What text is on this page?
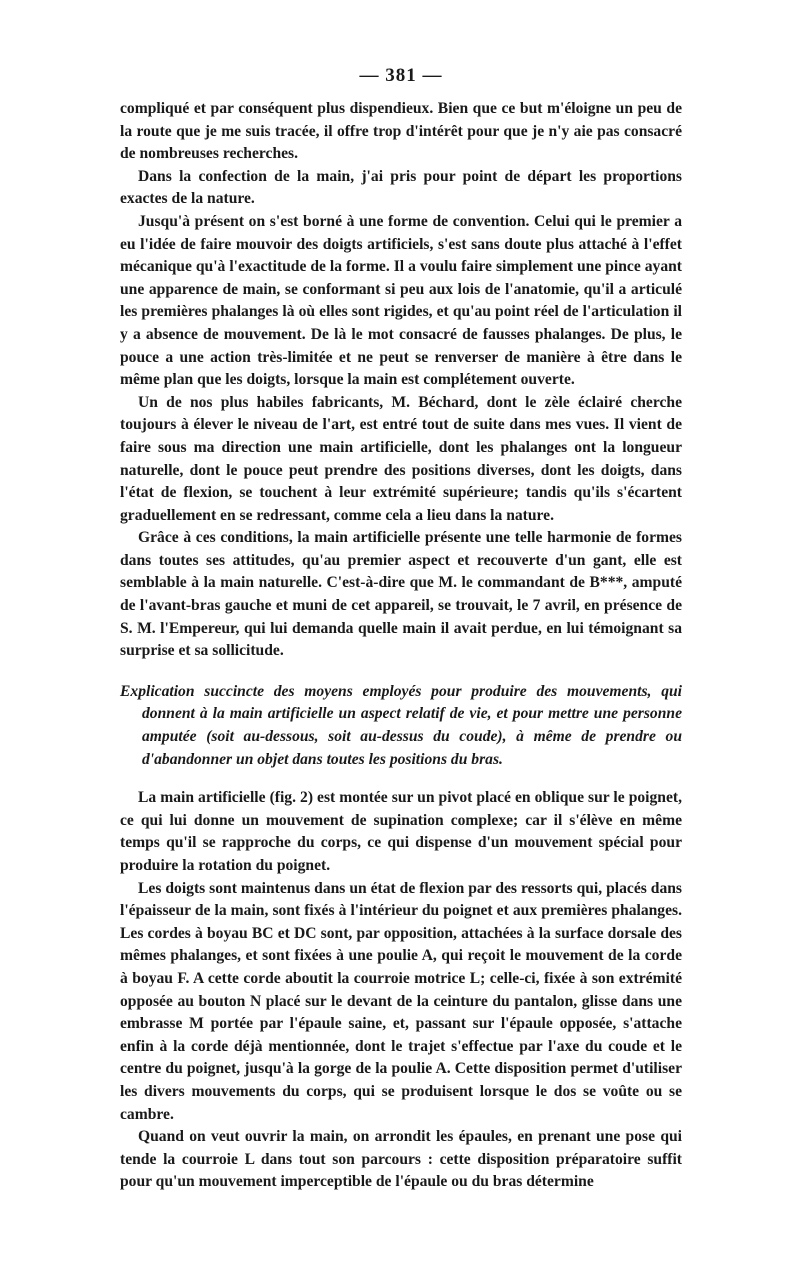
— 381 —

compliqué et par conséquent plus dispendieux. Bien que ce but m'éloigne un peu de la route que je me suis tracée, il offre trop d'intérêt pour que je n'y aie pas consacré de nombreuses recherches.

Dans la confection de la main, j'ai pris pour point de départ les proportions exactes de la nature.

Jusqu'à présent on s'est borné à une forme de convention. Celui qui le premier a eu l'idée de faire mouvoir des doigts artificiels, s'est sans doute plus attaché à l'effet mécanique qu'à l'exactitude de la forme. Il a voulu faire simplement une pince ayant une apparence de main, se conformant si peu aux lois de l'anatomie, qu'il a articulé les premières phalanges là où elles sont rigides, et qu'au point réel de l'articulation il y a absence de mouvement. De là le mot consacré de fausses phalanges. De plus, le pouce a une action très-limitée et ne peut se renverser de manière à être dans le même plan que les doigts, lorsque la main est complétement ouverte.

Un de nos plus habiles fabricants, M. Béchard, dont le zèle éclairé cherche toujours à élever le niveau de l'art, est entré tout de suite dans mes vues. Il vient de faire sous ma direction une main artificielle, dont les phalanges ont la longueur naturelle, dont le pouce peut prendre des positions diverses, dont les doigts, dans l'état de flexion, se touchent à leur extrémité supérieure; tandis qu'ils s'écartent graduellement en se redressant, comme cela a lieu dans la nature.

Grâce à ces conditions, la main artificielle présente une telle harmonie de formes dans toutes ses attitudes, qu'au premier aspect et recouverte d'un gant, elle est semblable à la main naturelle. C'est-à-dire que M. le commandant de B***, amputé de l'avant-bras gauche et muni de cet appareil, se trouvait, le 7 avril, en présence de S. M. l'Empereur, qui lui demanda quelle main il avait perdue, en lui témoignant sa surprise et sa sollicitude.

Explication succincte des moyens employés pour produire des mouvements, qui donnent à la main artificielle un aspect relatif de vie, et pour mettre une personne amputée (soit au-dessous, soit au-dessus du coude), à même de prendre ou d'abandonner un objet dans toutes les positions du bras.

La main artificielle (fig. 2) est montée sur un pivot placé en oblique sur le poignet, ce qui lui donne un mouvement de supination complexe; car il s'élève en même temps qu'il se rapproche du corps, ce qui dispense d'un mouvement spécial pour produire la rotation du poignet.

Les doigts sont maintenus dans un état de flexion par des ressorts qui, placés dans l'épaisseur de la main, sont fixés à l'intérieur du poignet et aux premières phalanges. Les cordes à boyau BC et DC sont, par opposition, attachées à la surface dorsale des mêmes phalanges, et sont fixées à une poulie A, qui reçoit le mouvement de la corde à boyau F. A cette corde aboutit la courroie motrice L; celle-ci, fixée à son extrémité opposée au bouton N placé sur le devant de la ceinture du pantalon, glisse dans une embrasse M portée par l'épaule saine, et, passant sur l'épaule opposée, s'attache enfin à la corde déjà mentionnée, dont le trajet s'effectue par l'axe du coude et le centre du poignet, jusqu'à la gorge de la poulie A. Cette disposition permet d'utiliser les divers mouvements du corps, qui se produisent lorsque le dos se voûte ou se cambre.

Quand on veut ouvrir la main, on arrondit les épaules, en prenant une pose qui tende la courroie L dans tout son parcours : cette disposition préparatoire suffit pour qu'un mouvement imperceptible de l'épaule ou du bras détermine
